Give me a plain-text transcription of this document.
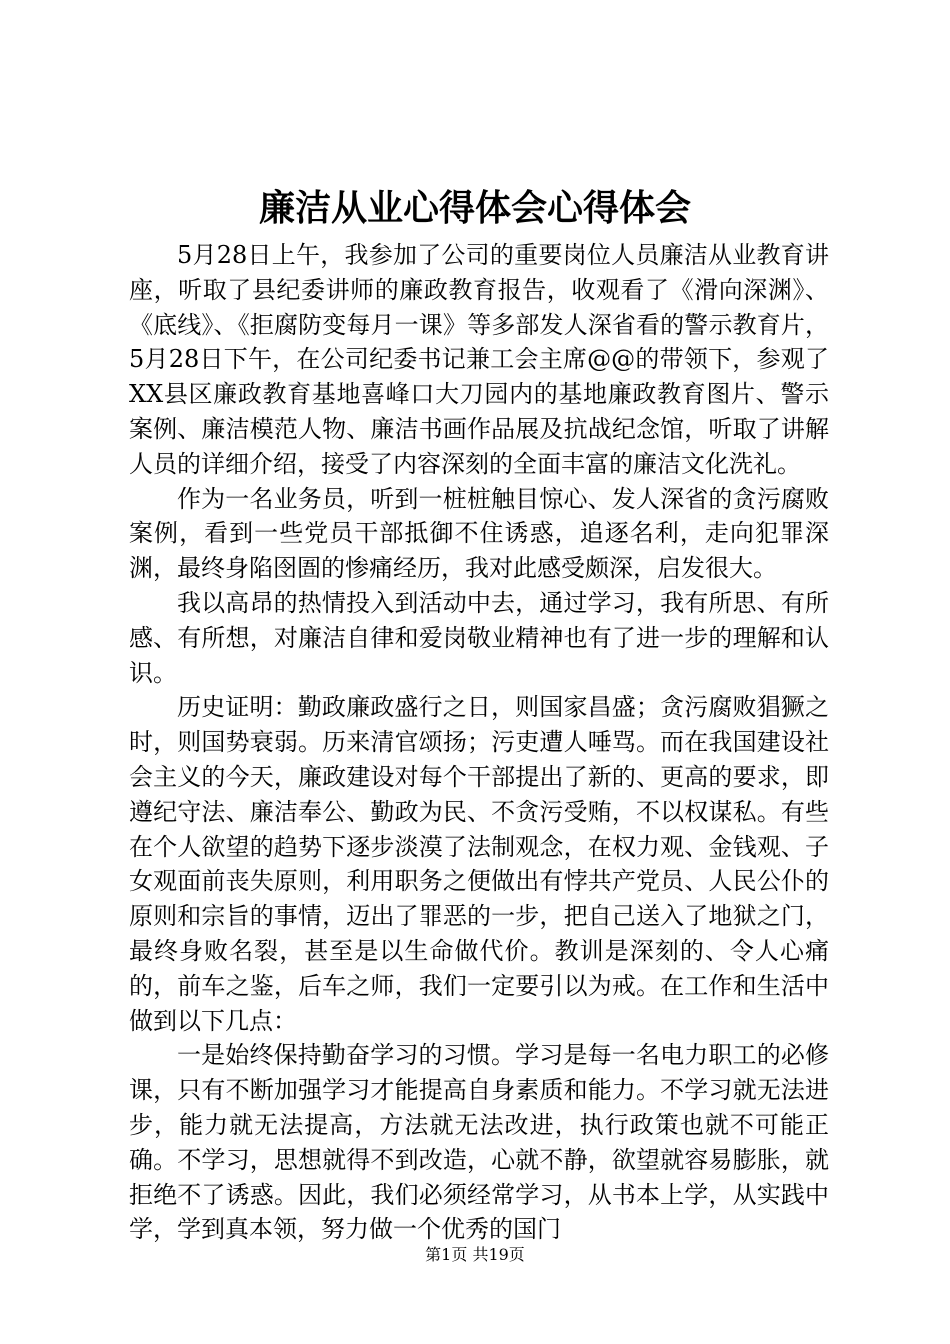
廉洁从业心得体会心得体会

5月28日上午，我参加了公司的重要岗位人员廉洁从业教育讲座，听取了县纪委讲师的廉政教育报告，收观看了《滑向深渊》、《底线》、《拒腐防变每月一课》等多部发人深省看的警示教育片，5月28日下午，在公司纪委书记兼工会主席@@的带领下，参观了XX县区廉政教育基地喜峰口大刀园内的基地廉政教育图片、警示案例、廉洁模范人物、廉洁书画作品展及抗战纪念馆，听取了讲解人员的详细介绍，接受了内容深刻的全面丰富的廉洁文化洗礼。

作为一名业务员，听到一桩桩触目惊心、发人深省的贪污腐败案例，看到一些党员干部抵御不住诱惑，追逐名利，走向犯罪深渊，最终身陷囹圄的惨痛经历，我对此感受颇深，启发很大。

我以高昂的热情投入到活动中去，通过学习，我有所思、有所感、有所想，对廉洁自律和爱岗敬业精神也有了进一步的理解和认识。

历史证明：勤政廉政盛行之日，则国家昌盛；贪污腐败猖獗之时，则国势衰弱。历来清官颂扬；污吏遭人唾骂。而在我国建设社会主义的今天，廉政建设对每个干部提出了新的、更高的要求，即遵纪守法、廉洁奉公、勤政为民、不贪污受贿，不以权谋私。有些在个人欲望的趋势下逐步淡漠了法制观念，在权力观、金钱观、子女观面前丧失原则，利用职务之便做出有悖共产党员、人民公仆的原则和宗旨的事情，迈出了罪恶的一步，把自己送入了地狱之门，最终身败名裂，甚至是以生命做代价。教训是深刻的、令人心痛的，前车之鉴，后车之师，我们一定要引以为戒。在工作和生活中做到以下几点：

一是始终保持勤奋学习的习惯。学习是每一名电力职工的必修课，只有不断加强学习才能提高自身素质和能力。不学习就无法进步，能力就无法提高，方法就无法改进，执行政策也就不可能正确。不学习，思想就得不到改造，心就不静，欲望就容易膨胀，就拒绝不了诱惑。因此，我们必须经常学习，从书本上学，从实践中学，学到真本领，努力做一个优秀的国门

第1页 共19页
